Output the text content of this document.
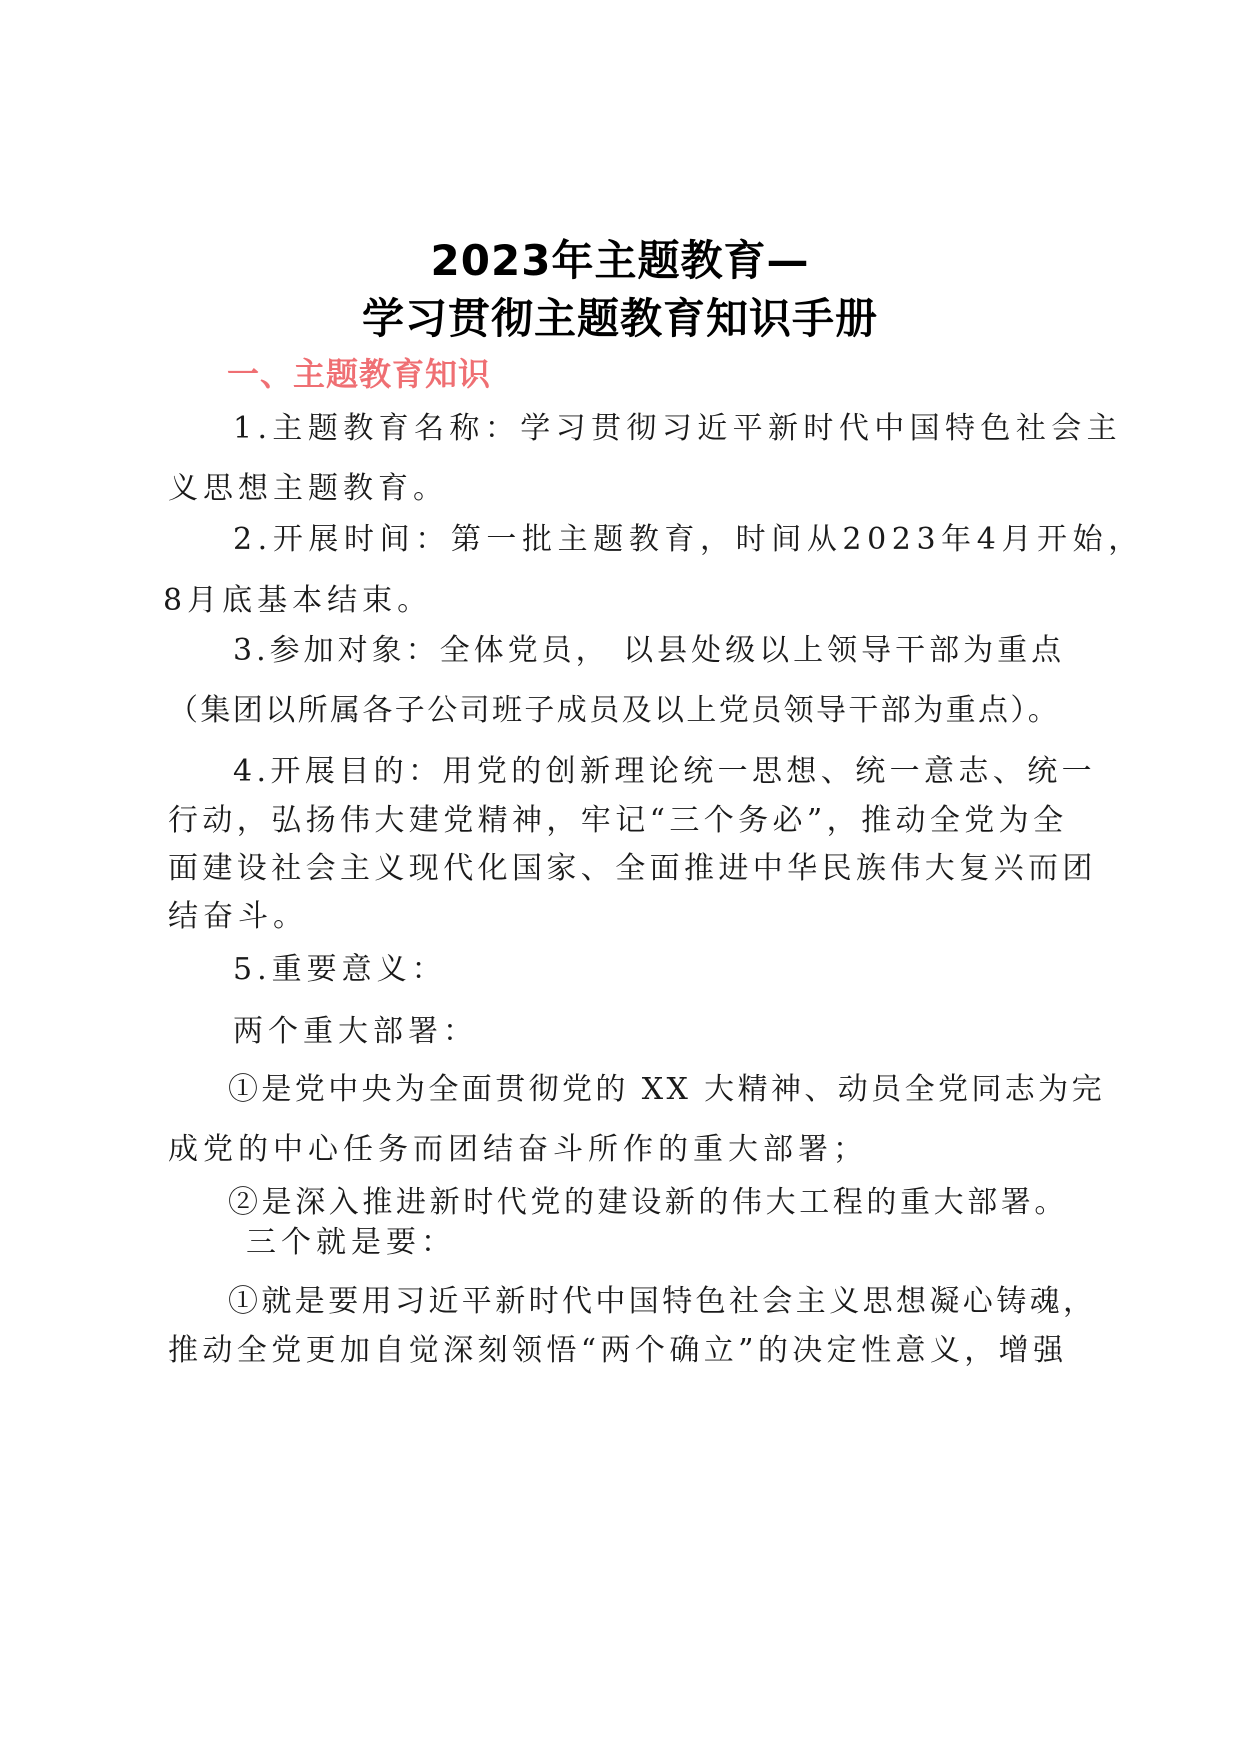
2023年主题教育—
学习贯彻主题教育知识手册
一、主题教育知识
1.主题教育名称：学习贯彻习近平新时代中国特色社会主
义思想主题教育。
2.开展时间：第一批主题教育，时间从2023年4月开始，
8月底基本结束。
3.参加对象：全体党员， 以县处级以上领导干部为重点
（集团以所属各子公司班子成员及以上党员领导干部为重点）。
4.开展目的：用党的创新理论统一思想、统一意志、统一
行动，弘扬伟大建党精神，牢记“三个务必”，推动全党为全
面建设社会主义现代化国家、全面推进中华民族伟大复兴而团
结奋斗。
5.重要意义：
两个重大部署：
①是党中央为全面贯彻党的 XX 大精神、动员全党同志为完
成党的中心任务而团结奋斗所作的重大部署；
②是深入推进新时代党的建设新的伟大工程的重大部署。
三个就是要：
①就是要用习近平新时代中国特色社会主义思想凝心铸魂，
推动全党更加自觉深刻领悟“两个确立”的决定性意义，增强
